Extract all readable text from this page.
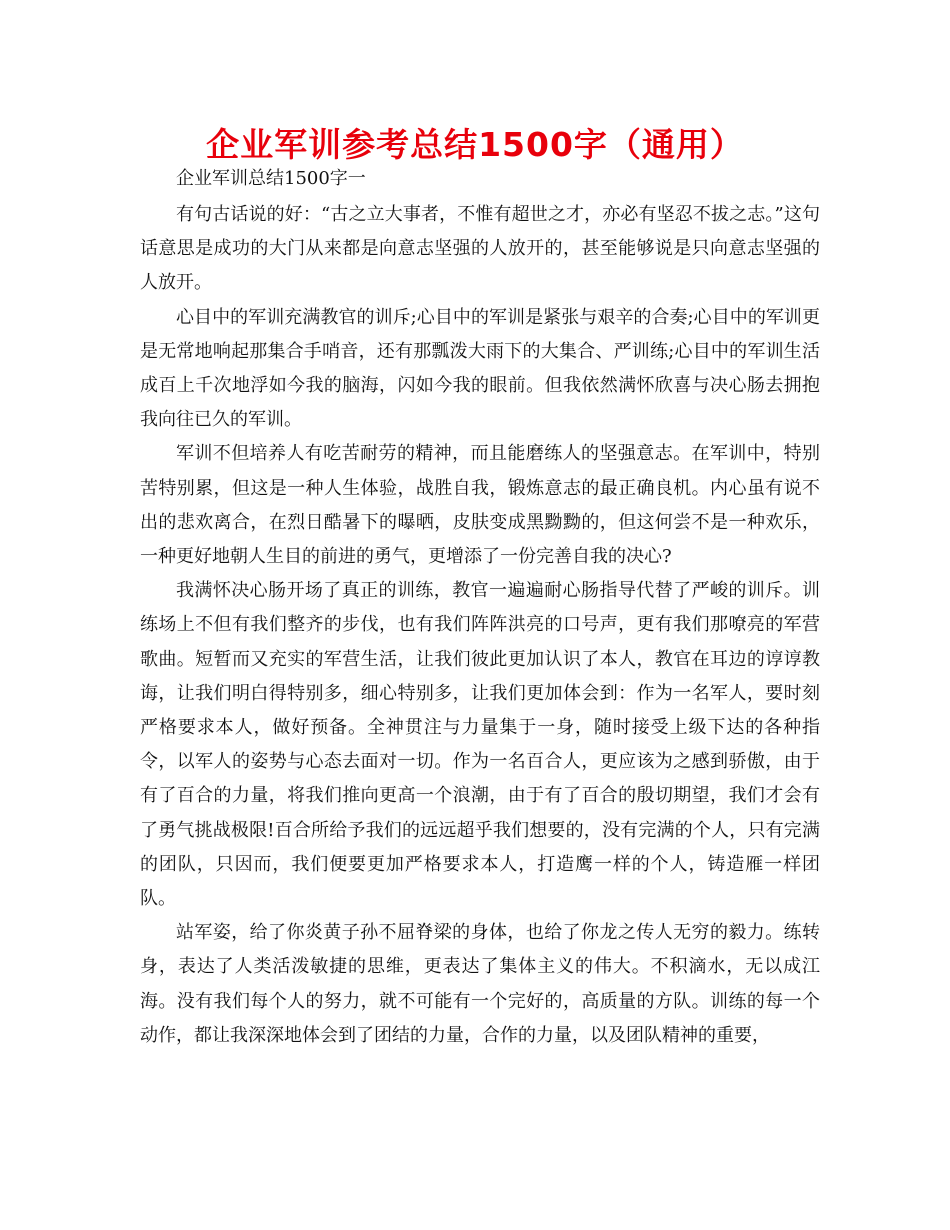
企业军训参考总结1500字（通用）

企业军训总结1500字一

有句古话说的好：“古之立大事者，不惟有超世之才，亦必有坚忍不拔之志。”这句话意思是成功的大门从来都是向意志坚强的人放开的，甚至能够说是只向意志坚强的人放开。

心目中的军训充满教官的训斥;心目中的军训是紧张与艰辛的合奏;心目中的军训更是无常地响起那集合手哨音，还有那瓢泼大雨下的大集合、严训练;心目中的军训生活成百上千次地浮如今我的脑海，闪如今我的眼前。但我依然满怀欣喜与决心肠去拥抱我向往已久的军训。

军训不但培养人有吃苦耐劳的精神，而且能磨练人的坚强意志。在军训中，特别苦特别累，但这是一种人生体验，战胜自我，锻炼意志的最正确良机。内心虽有说不出的悲欢离合，在烈日酷暑下的曝晒，皮肤变成黑黝黝的，但这何尝不是一种欢乐，一种更好地朝人生目的前进的勇气，更增添了一份完善自我的决心?

我满怀决心肠开场了真正的训练，教官一遍遍耐心肠指导代替了严峻的训斥。训练场上不但有我们整齐的步伐，也有我们阵阵洪亮的口号声，更有我们那嘹亮的军营歌曲。短暂而又充实的军营生活，让我们彼此更加认识了本人，教官在耳边的谆谆教诲，让我们明白得特别多，细心特别多，让我们更加体会到：作为一名军人，要时刻严格要求本人，做好预备。全神贯注与力量集于一身，随时接受上级下达的各种指令，以军人的姿势与心态去面对一切。作为一名百合人，更应该为之感到骄傲，由于有了百合的力量，将我们推向更高一个浪潮，由于有了百合的殷切期望，我们才会有了勇气挑战极限!百合所给予我们的远远超乎我们想要的，没有完满的个人，只有完满的团队，只因而，我们便要更加严格要求本人，打造鹰一样的个人，铸造雁一样团队。

站军姿，给了你炎黄子孙不屈脊梁的身体，也给了你龙之传人无穷的毅力。练转身，表达了人类活泼敏捷的思维，更表达了集体主义的伟大。不积滴水，无以成江海。没有我们每个人的努力，就不可能有一个完好的，高质量的方队。训练的每一个动作，都让我深深地体会到了团结的力量，合作的力量，以及团队精神的重要，
